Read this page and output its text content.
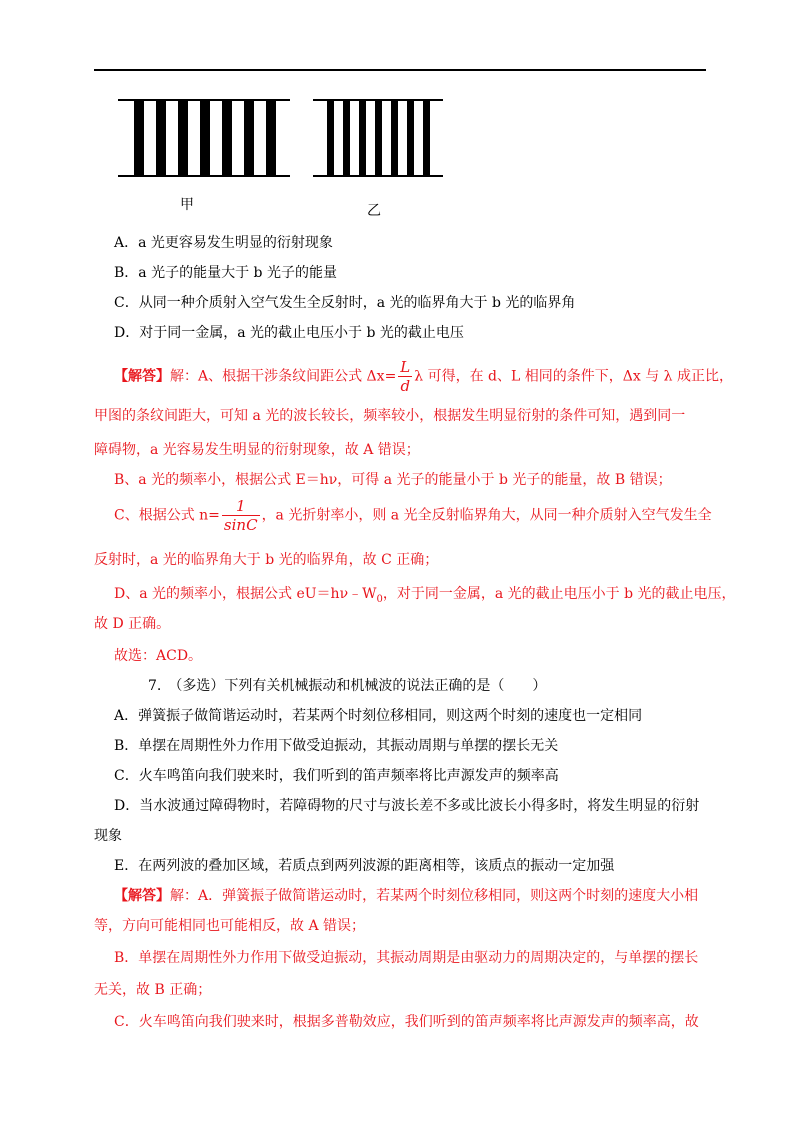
甲	乙
A．a 光更容易发生明显的衍射现象
B．a 光子的能量大于 b 光子的能量
C．从同一种介质射入空气发生全反射时，a 光的临界角大于 b 光的临界角
D．对于同一金属，a 光的截止电压小于 b 光的截止电压
【解答】解：A、根据干涉条纹间距公式 $\Delta x= \frac{L}{d}$ λ 可得，在 d、L 相同的条件下，Δx 与 λ 成正比，
甲图的条纹间距大，可知 a 光的波长较长，频率较小，根据发生明显衍射的条件可知，遇到同一
障碍物，a 光容易发生明显的衍射现象，故 A 错误；
B、a 光的频率小，根据公式 E＝hν，可得 a 光子的能量小于 b 光子的能量，故 B 错误；
C、根据公式 $n= \frac{1}{\sin C}$ ，a 光折射率小，则 a 光全反射临界角大，从同一种介质射入空气发生全
反射时，a 光的临界角大于 b 光的临界角，故 C 正确；
D、a 光的频率小，根据公式 $eU=h\nu﹣W_0$，对于同一金属，a 光的截止电压小于 b 光的截止电压，
故 D 正确。
故选：ACD。
7.　（多选）下列有关机械振动和机械波的说法正确的是（　　）
A．弹簧振子做简谐运动时，若某两个时刻位移相同，则这两个时刻的速度也一定相同
B．单摆在周期性外力作用下做受迫振动，其振动周期与单摆的摆长无关
C．火车鸣笛向我们驶来时，我们听到的笛声频率将比声源发声的频率高
D．当水波通过障碍物时，若障碍物的尺寸与波长差不多或比波长小得多时，将发生明显的衍射
现象
E．在两列波的叠加区域，若质点到两列波源的距离相等，该质点的振动一定加强
【解答】解：A．弹簧振子做简谐运动时，若某两个时刻位移相同，则这两个时刻的速度大小相
等，方向可能相同也可能相反，故 A 错误；
B．单摆在周期性外力作用下做受迫振动，其振动周期是由驱动力的周期决定的，与单摆的摆长
无关，故 B 正确；
C．火车鸣笛向我们驶来时，根据多普勒效应，我们听到的笛声频率将比声源发声的频率高，故
